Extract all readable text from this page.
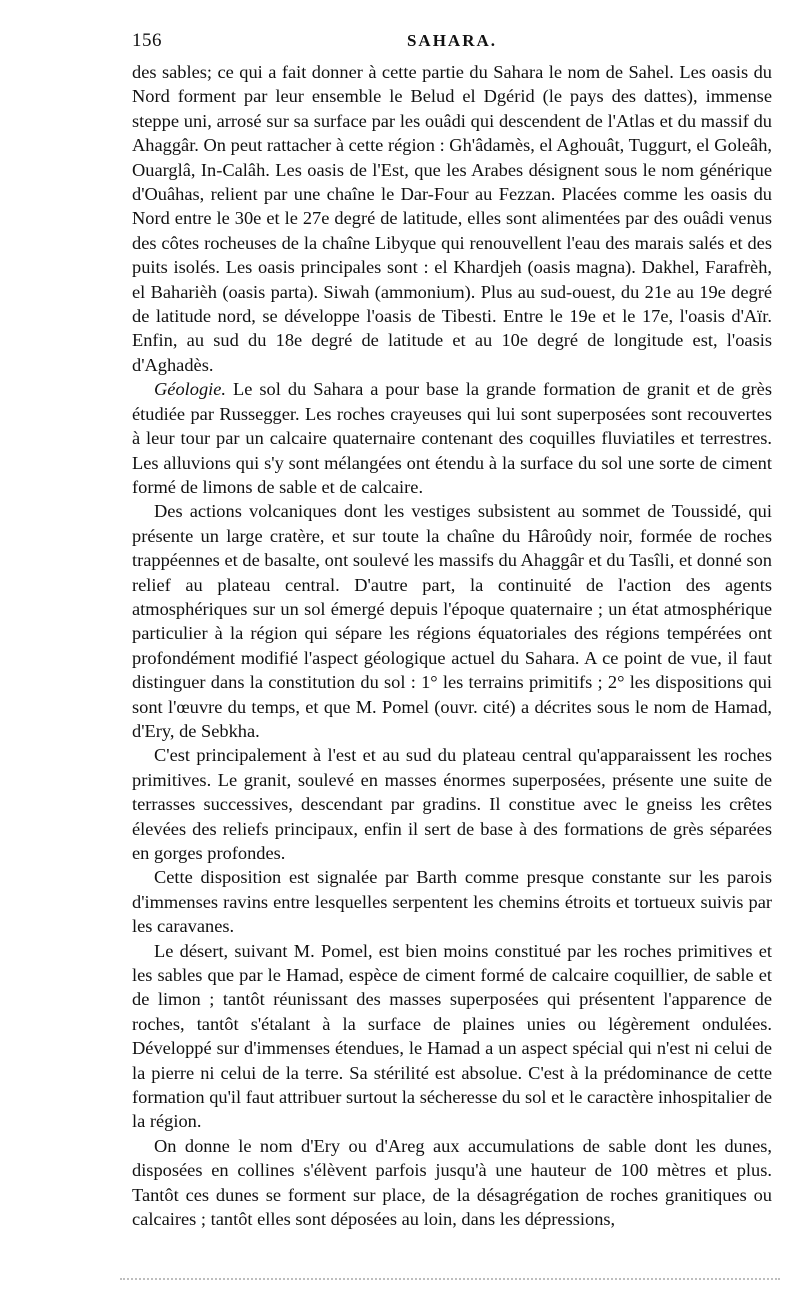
156	SAHARA.

des sables; ce qui a fait donner à cette partie du Sahara le nom de Sahel. Les oasis du Nord forment par leur ensemble le Belud el Dgérid (le pays des dattes), immense steppe uni, arrosé sur sa surface par les ouâdi qui descendent de l'Atlas et du massif du Ahaggâr. On peut rattacher à cette région : Gh'âdamès, el Aghouât, Tuggurt, el Goleâh, Ouarglâ, In-Calâh. Les oasis de l'Est, que les Arabes désignent sous le nom générique d'Ouâhas, relient par une chaîne le Dar-Four au Fezzan. Placées comme les oasis du Nord entre le 30e et le 27e degré de latitude, elles sont alimentées par des ouâdi venus des côtes rocheuses de la chaîne Libyque qui renouvellent l'eau des marais salés et des puits isolés. Les oasis principales sont : el Khardjeh (oasis magna). Dakhel, Farafrèh, el Baharièh (oasis parta). Siwah (ammonium). Plus au sud-ouest, du 21e au 19e degré de latitude nord, se développe l'oasis de Tibesti. Entre le 19e et le 17e, l'oasis d'Aïr. Enfin, au sud du 18e degré de latitude et au 10e degré de longitude est, l'oasis d'Aghadès.

Géologie. Le sol du Sahara a pour base la grande formation de granit et de grès étudiée par Russegger. Les roches crayeuses qui lui sont superposées sont recouvertes à leur tour par un calcaire quaternaire contenant des coquilles fluviatiles et terrestres. Les alluvions qui s'y sont mélangées ont étendu à la surface du sol une sorte de ciment formé de limons de sable et de calcaire.

Des actions volcaniques dont les vestiges subsistent au sommet de Toussidé, qui présente un large cratère, et sur toute la chaîne du Hâroûdy noir, formée de roches trappéennes et de basalte, ont soulevé les massifs du Ahaggâr et du Tasîli, et donné son relief au plateau central. D'autre part, la continuité de l'action des agents atmosphériques sur un sol émergé depuis l'époque quaternaire ; un état atmosphérique particulier à la région qui sépare les régions équatoriales des régions tempérées ont profondément modifié l'aspect géologique actuel du Sahara. A ce point de vue, il faut distinguer dans la constitution du sol : 1° les terrains primitifs ; 2° les dispositions qui sont l'œuvre du temps, et que M. Pomel (ouvr. cité) a décrites sous le nom de Hamad, d'Ery, de Sebkha.

C'est principalement à l'est et au sud du plateau central qu'apparaissent les roches primitives. Le granit, soulevé en masses énormes superposées, présente une suite de terrasses successives, descendant par gradins. Il constitue avec le gneiss les crêtes élevées des reliefs principaux, enfin il sert de base à des formations de grès séparées en gorges profondes.

Cette disposition est signalée par Barth comme presque constante sur les parois d'immenses ravins entre lesquelles serpentent les chemins étroits et tortueux suivis par les caravanes.

Le désert, suivant M. Pomel, est bien moins constitué par les roches primitives et les sables que par le Hamad, espèce de ciment formé de calcaire coquillier, de sable et de limon ; tantôt réunissant des masses superposées qui présentent l'apparence de roches, tantôt s'étalant à la surface de plaines unies ou légèrement ondulées. Développé sur d'immenses étendues, le Hamad a un aspect spécial qui n'est ni celui de la pierre ni celui de la terre. Sa stérilité est absolue. C'est à la prédominance de cette formation qu'il faut attribuer surtout la sécheresse du sol et le caractère inhospitalier de la région.

On donne le nom d'Ery ou d'Areg aux accumulations de sable dont les dunes, disposées en collines s'élèvent parfois jusqu'à une hauteur de 100 mètres et plus. Tantôt ces dunes se forment sur place, de la désagrégation de roches granitiques ou calcaires ; tantôt elles sont déposées au loin, dans les dépressions,
